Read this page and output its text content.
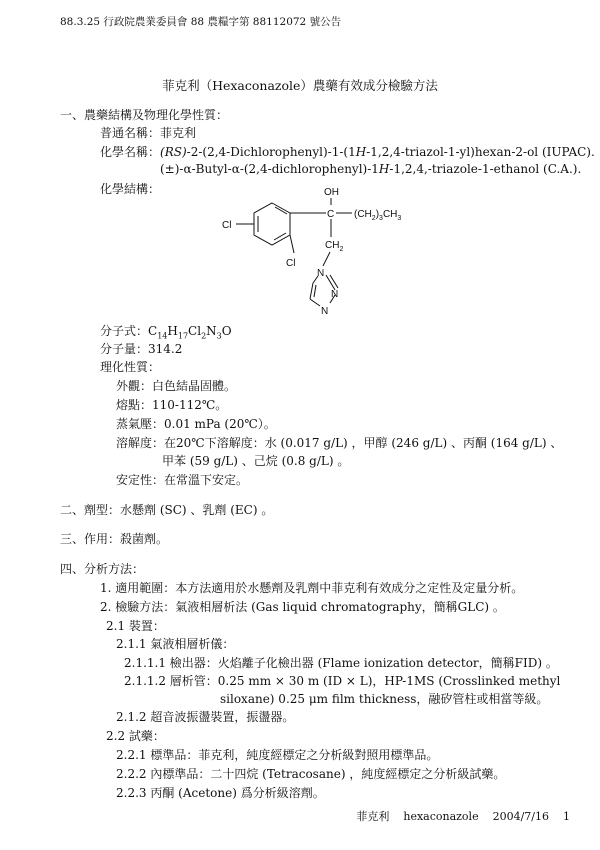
88.3.25 行政院農業委員會 88 農糧字第 88112072 號公告
菲克利（Hexaconazole）農藥有效成分檢驗方法
一、農藥結構及物理化學性質：
普通名稱：菲克利
化學名稱：(RS)-2-(2,4-Dichlorophenyl)-1-(1H-1,2,4-triazol-1-yl)hexan-2-ol (IUPAC).
(±)-α-Butyl-α-(2,4-dichlorophenyl)-1H-1,2,4,-triazole-1-ethanol (C.A.).
化學結構：
Cl
Cl
C
OH
$(CH_2)_3CH_3$
$CH_2$
N
N
N
分子式：$C_{14}H_{17}Cl_2N_3O$
分子量：314.2
理化性質：
外觀：白色結晶固體。
熔點：110-112℃。
蒸氣壓：0.01 mPa (20℃）。
溶解度：在20℃下溶解度：水 (0.017 g/L) ，甲醇 (246 g/L) 、丙酮 (164 g/L) 、
甲苯 (59 g/L) 、己烷 (0.8 g/L) 。
安定性：在常溫下安定。
二、劑型：水懸劑 (SC) 、乳劑 (EC) 。
三、作用：殺菌劑。
四、分析方法：
1. 適用範圍：本方法適用於水懸劑及乳劑中菲克利有效成分之定性及定量分析。
2. 檢驗方法：氣液相層析法 (Gas liquid chromatography，簡稱GLC) 。
2.1 裝置：
2.1.1 氣液相層析儀：
2.1.1.1 檢出器：火焰離子化檢出器 (Flame ionization detector，簡稱FID) 。
2.1.1.2 層析管：0.25 mm × 30 m (ID × L)，HP-1MS (Crosslinked methyl
siloxane) 0.25 μm film thickness，融矽管柱或相當等級。
2.1.2 超音波振盪裝置，振盪器。
2.2 試藥：
2.2.1 標準品：菲克利，純度經標定之分析級對照用標準品。
2.2.2 內標準品：二十四烷 (Tetracosane) ，純度經標定之分析級試藥。
2.2.3 丙酮 (Acetone) 爲分析級溶劑。
菲克利 hexaconazole 2004/7/16 1
